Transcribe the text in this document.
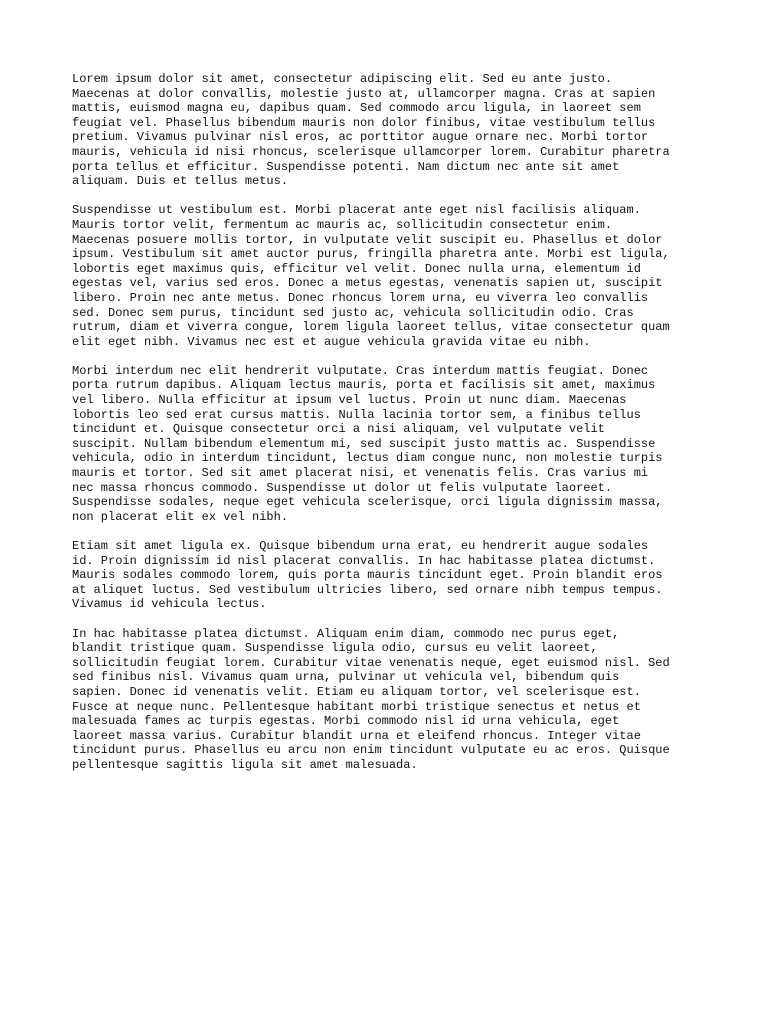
Lorem ipsum dolor sit amet, consectetur adipiscing elit. Sed eu ante justo.
Maecenas at dolor convallis, molestie justo at, ullamcorper magna. Cras at sapien
mattis, euismod magna eu, dapibus quam. Sed commodo arcu ligula, in laoreet sem
feugiat vel. Phasellus bibendum mauris non dolor finibus, vitae vestibulum tellus
pretium. Vivamus pulvinar nisl eros, ac porttitor augue ornare nec. Morbi tortor
mauris, vehicula id nisi rhoncus, scelerisque ullamcorper lorem. Curabitur pharetra
porta tellus et efficitur. Suspendisse potenti. Nam dictum nec ante sit amet
aliquam. Duis et tellus metus.

Suspendisse ut vestibulum est. Morbi placerat ante eget nisl facilisis aliquam.
Mauris tortor velit, fermentum ac mauris ac, sollicitudin consectetur enim.
Maecenas posuere mollis tortor, in vulputate velit suscipit eu. Phasellus et dolor
ipsum. Vestibulum sit amet auctor purus, fringilla pharetra ante. Morbi est ligula,
lobortis eget maximus quis, efficitur vel velit. Donec nulla urna, elementum id
egestas vel, varius sed eros. Donec a metus egestas, venenatis sapien ut, suscipit
libero. Proin nec ante metus. Donec rhoncus lorem urna, eu viverra leo convallis
sed. Donec sem purus, tincidunt sed justo ac, vehicula sollicitudin odio. Cras
rutrum, diam et viverra congue, lorem ligula laoreet tellus, vitae consectetur quam
elit eget nibh. Vivamus nec est et augue vehicula gravida vitae eu nibh.

Morbi interdum nec elit hendrerit vulputate. Cras interdum mattis feugiat. Donec
porta rutrum dapibus. Aliquam lectus mauris, porta et facilisis sit amet, maximus
vel libero. Nulla efficitur at ipsum vel luctus. Proin ut nunc diam. Maecenas
lobortis leo sed erat cursus mattis. Nulla lacinia tortor sem, a finibus tellus
tincidunt et. Quisque consectetur orci a nisi aliquam, vel vulputate velit
suscipit. Nullam bibendum elementum mi, sed suscipit justo mattis ac. Suspendisse
vehicula, odio in interdum tincidunt, lectus diam congue nunc, non molestie turpis
mauris et tortor. Sed sit amet placerat nisi, et venenatis felis. Cras varius mi
nec massa rhoncus commodo. Suspendisse ut dolor ut felis vulputate laoreet.
Suspendisse sodales, neque eget vehicula scelerisque, orci ligula dignissim massa,
non placerat elit ex vel nibh.

Etiam sit amet ligula ex. Quisque bibendum urna erat, eu hendrerit augue sodales
id. Proin dignissim id nisl placerat convallis. In hac habitasse platea dictumst.
Mauris sodales commodo lorem, quis porta mauris tincidunt eget. Proin blandit eros
at aliquet luctus. Sed vestibulum ultricies libero, sed ornare nibh tempus tempus.
Vivamus id vehicula lectus.

In hac habitasse platea dictumst. Aliquam enim diam, commodo nec purus eget,
blandit tristique quam. Suspendisse ligula odio, cursus eu velit laoreet,
sollicitudin feugiat lorem. Curabitur vitae venenatis neque, eget euismod nisl. Sed
sed finibus nisl. Vivamus quam urna, pulvinar ut vehicula vel, bibendum quis
sapien. Donec id venenatis velit. Etiam eu aliquam tortor, vel scelerisque est.
Fusce at neque nunc. Pellentesque habitant morbi tristique senectus et netus et
malesuada fames ac turpis egestas. Morbi commodo nisl id urna vehicula, eget
laoreet massa varius. Curabitur blandit urna et eleifend rhoncus. Integer vitae
tincidunt purus. Phasellus eu arcu non enim tincidunt vulputate eu ac eros. Quisque
pellentesque sagittis ligula sit amet malesuada.
